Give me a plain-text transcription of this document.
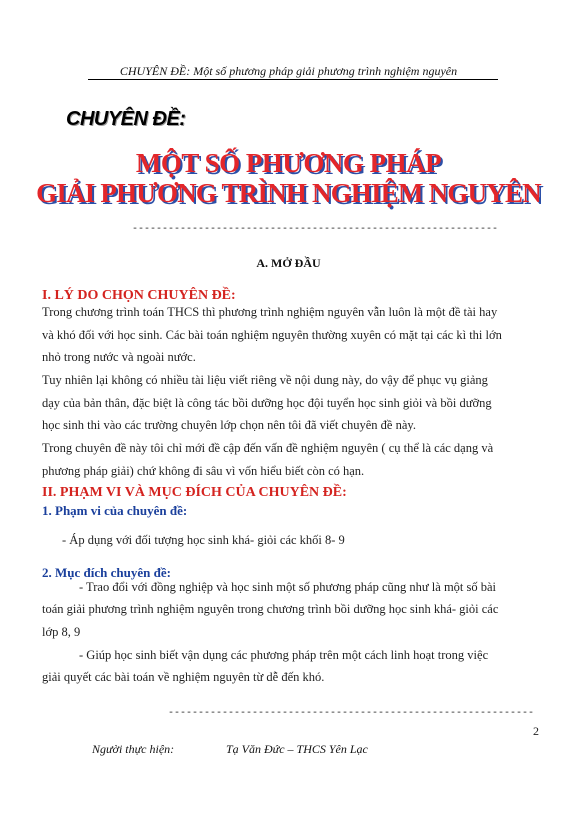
CHUYÊN ĐỀ: Một số phương pháp giải phương trình nghiệm nguyên
CHUYÊN ĐỀ:
MỘT SỐ PHƯƠNG PHÁP
GIẢI PHƯƠNG TRÌNH NGHIỆM NGUYÊN
-------------------------------------------------------------
A. MỞ ĐẦU
I. LÝ DO CHỌN CHUYÊN ĐỀ:
Trong chương trình toán THCS thì phương trình nghiệm nguyên vẫn luôn là một đề tài hay
và khó đối với học sinh. Các bài toán nghiệm nguyên thường xuyên có mặt tại các kì thi lớn
nhỏ trong nước và ngoài nước.
Tuy nhiên lại không có nhiều tài liệu viết riêng về nội dung này, do vậy để phục vụ giảng
dạy của bản thân, đặc biệt là công tác bồi dưỡng học đội tuyển học sinh giỏi và bồi dưỡng
học sinh thi vào các trường chuyên lớp chọn nên tôi đã viết chuyên đề này.
Trong chuyên đề này tôi chỉ mới đề cập đến vấn đề nghiệm nguyên ( cụ thể là các dạng và
phương pháp giải) chứ không đi sâu vì vốn hiểu biết còn có hạn.
II. PHẠM VI VÀ MỤC ĐÍCH CỦA CHUYÊN ĐỀ:
1. Phạm vi của chuyên đề:
- Áp dụng với đối tượng học sinh khá- giỏi các khối 8- 9
2. Mục đích chuyên đề:
- Trao đổi với đồng nghiệp và học sinh một số phương pháp cũng như là một số bài
toán giải phương trình nghiệm nguyên trong chương trình bồi dưỡng học sinh khá- giỏi các
lớp 8, 9
- Giúp học sinh biết vận dụng các phương pháp trên một cách linh hoạt trong việc
giải quyết các bài toán về nghiệm nguyên từ dễ đến khó.
-------------------------------------------------------------
2
Người thực hiện:	Tạ Văn Đức – THCS Yên Lạc
